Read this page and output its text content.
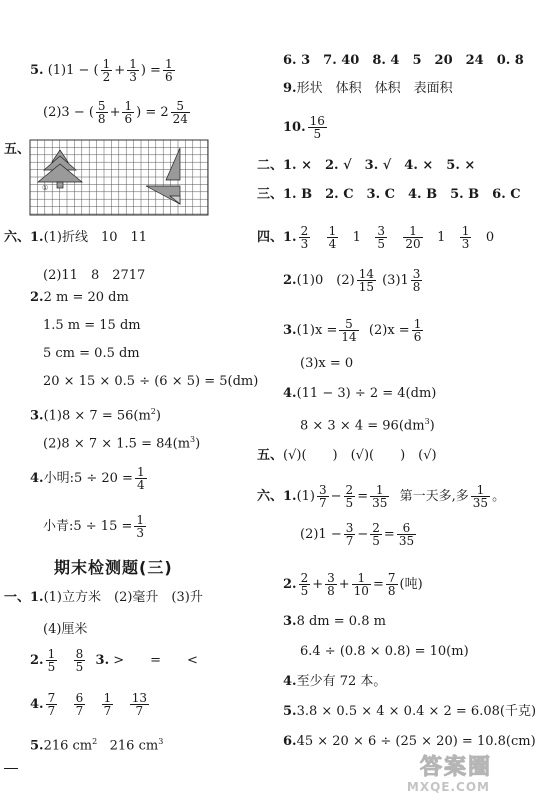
5. (1)1 − ( $\frac{1}{2} + \frac{1}{3}$ ) = $\frac{1}{6}$
(2)3 − ( $\frac{5}{8} + \frac{1}{6}$ ) = $2 \frac{5}{24}$
五、
①
六、1.(1)折线　10　11
(2)11　8　2717
2.2 m = 20 dm
1.5 m = 15 dm
5 cm = 0.5 dm
20 × 15 × 0.5 ÷ (6 × 5) = 5(dm)
$3.(1)8 \times 7 = 56(m^2)$
$(2)8 \times 7 \times 1.5 = 84(m^3)$
4.小明:5 ÷ $20 = \frac{1}{4}$
小青:5 ÷ $15 = \frac{1}{3}$
期末检测题(三)
一、1.(1)立方米　(2)毫升　(3)升
(4)厘米
2. $\frac{1}{5}$
$\frac{8}{5} 3$. >　　=　　<
4. $\frac{7}{7}$
$\frac{6}{7}$
$\frac{1}{7}$
$\frac{13}{7}$
5.216 $cm^2$ 216 $cm^3$
6. 3　7. 40　8. 4　5　20　24　0. 8
9.形状　体积　体积　表面积
10. $\frac{16}{5}$
二、1. ×　2. √　3. √　4. ×　5. ×
三、1. B　2. C　3. C　4. B　5. B　6. C
四、1. $\frac{2}{3}$
$\frac{1}{4} 1 \frac{3}{5}$
$\frac{1}{20} 1 \frac{1}{3} 0$
2.(1)0　$(2) \frac{14}{15} (3)1 \frac{3}{8}$
$3.(1)x = \frac{5}{14} (2)x = \frac{1}{6}$
(3)x = 0
4.(11 − 3) ÷ 2 = 4(dm)
$8 \times 3 \times 4 = 96(dm^3)$
五、(√)(　　)　(√)(　　)　(√)
六、$1.(1) \frac{3}{7} - \frac{2}{5} = \frac{1}{35}$ 第一天多,多 $\frac{1}{35}$ 。
$(2)1 - \frac{3}{7} - \frac{2}{5} = \frac{6}{35}$
2. $\frac{2}{5} + \frac{3}{8} + \frac{1}{10} = \frac{7}{8}$ (吨)
3.8 dm = 0.8 m
6.4 ÷ (0.8 × 0.8) = 10(m)
4.至少有 72 本。
5.3.8 × 0.5 × 4 × 0.4 × 2 = 6.08(千克)
6.45 × 20 × 6 ÷ (25 × 20) = 10.8(cm)
答案圈
MXQE.COM
